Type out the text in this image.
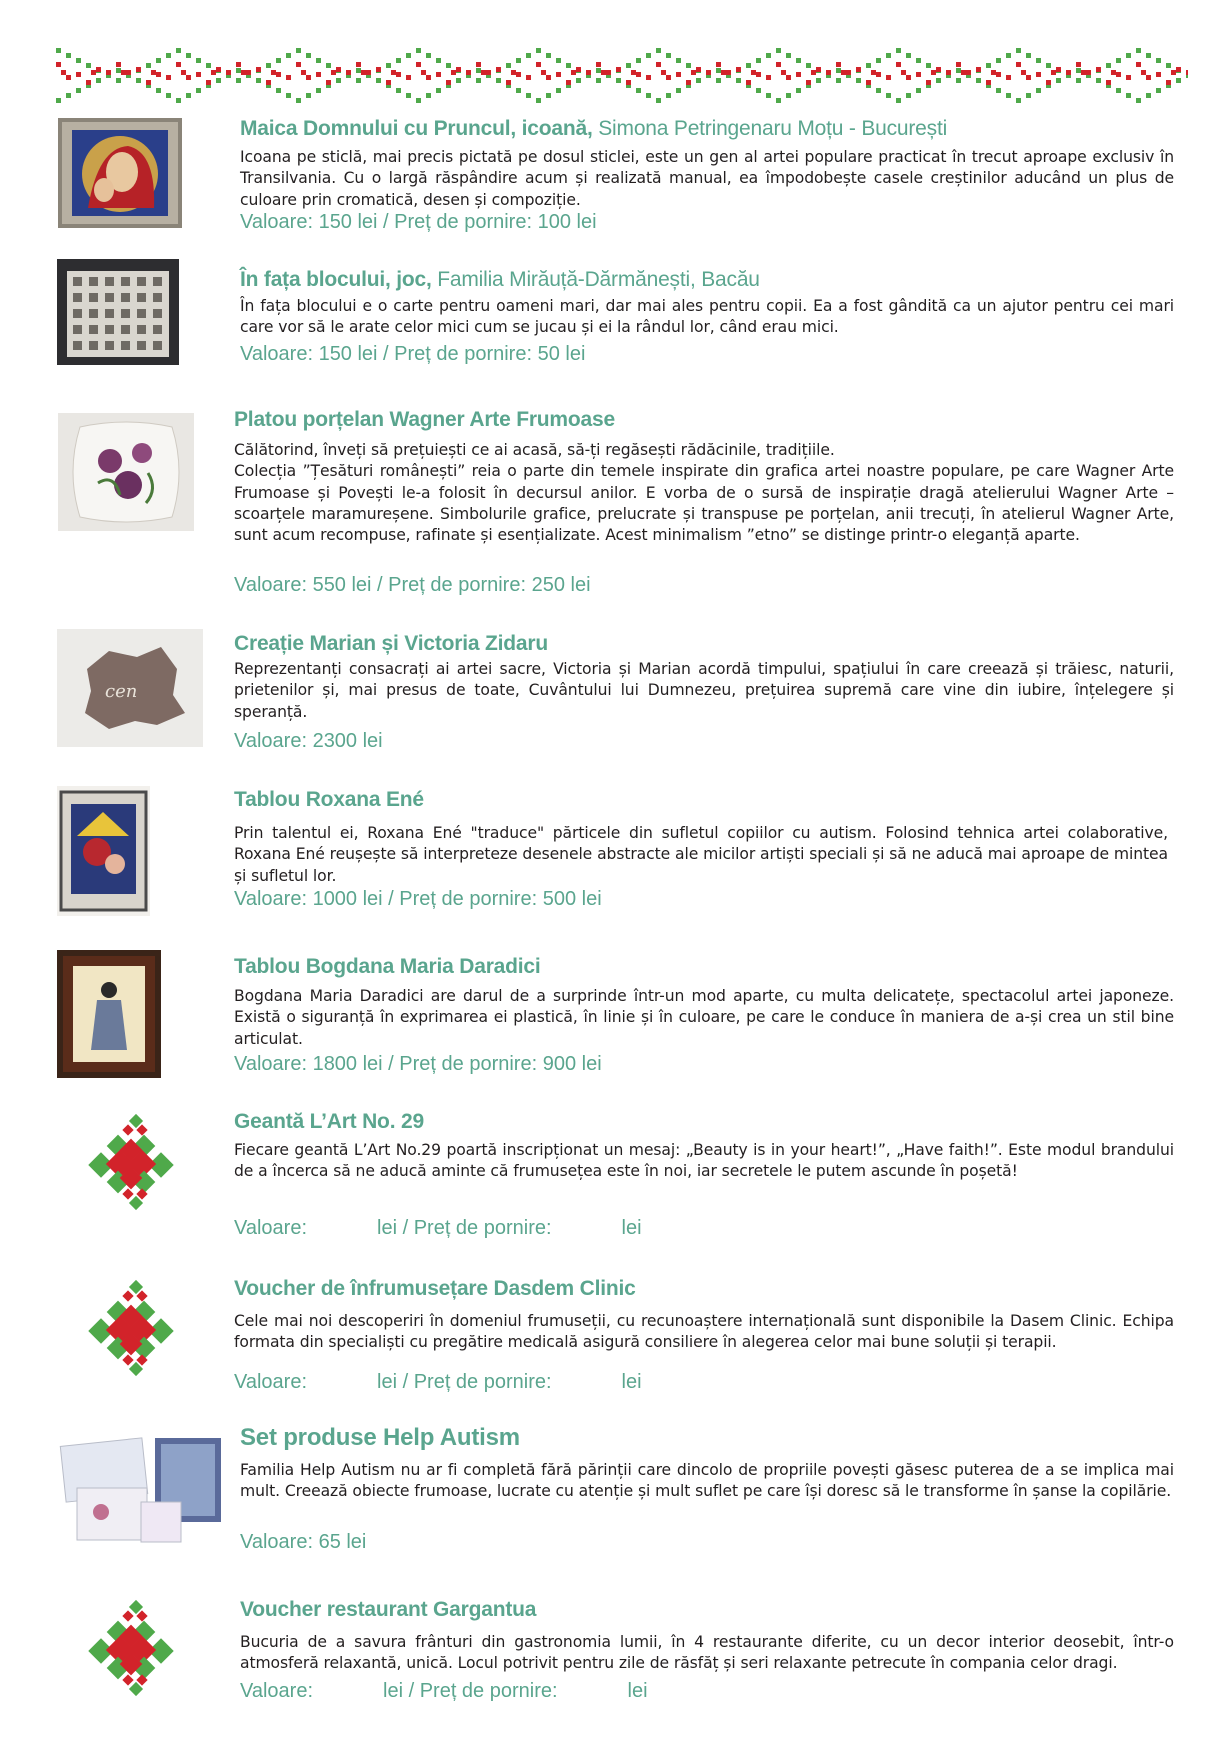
Maica Domnului cu Pruncul, icoană, Simona Petringenaru Moțu - București
Icoana pe sticlă, mai precis pictată pe dosul sticlei, este un gen al artei populare practicat în trecut aproape exclusiv în Transilvania. Cu o largă răspândire acum și realizată manual, ea împodobește casele creștinilor aducând un plus de culoare prin cromatică, desen și compoziție.
Valoare: 150 lei / Preț de pornire: 100 lei
În fața blocului, joc, Familia Mirăuță-Dărmănești, Bacău
În fața blocului e o carte pentru oameni mari, dar mai ales pentru copii. Ea a fost gândită ca un ajutor pentru cei mari care vor să le arate celor mici cum se jucau și ei la rândul lor, când erau mici.
Valoare: 150 lei / Preț de pornire: 50 lei
Platou porțelan Wagner Arte Frumoase
Călătorind, înveți să prețuiești ce ai acasă, să-ți regăsești rădăcinile, tradițiile.
Colecția ”Țesături românești” reia o parte din temele inspirate din grafica artei noastre populare, pe care Wagner Arte Frumoase și Povești le-a folosit în decursul anilor. E vorba de o sursă de inspirație dragă atelierului Wagner Arte – scoarțele maramureșene. Simbolurile grafice, prelucrate și transpuse pe porțelan, anii trecuți, în atelierul Wagner Arte, sunt acum recompuse, rafinate și esențializate. Acest minimalism ”etno” se distinge printr-o eleganță aparte.
Valoare: 550 lei / Preț de pornire: 250 lei
cen
Creație Marian și Victoria Zidaru
Reprezentanți consacrați ai artei sacre, Victoria și Marian acordă timpului, spațiului în care creează și trăiesc, naturii, prietenilor și, mai presus de toate, Cuvântului lui Dumnezeu, prețuirea supremă care vine din iubire, înțelegere și speranță.
Valoare: 2300 lei
Tablou Roxana Ené
Prin talentul ei, Roxana Ené "traduce" părticele din sufletul copiilor cu autism. Folosind tehnica artei colaborative, Roxana Ené reușește să interpreteze desenele abstracte ale micilor artiști speciali și să ne aducă mai aproape de mintea și sufletul lor.
Valoare: 1000 lei / Preț de pornire: 500 lei
Tablou Bogdana Maria Daradici
Bogdana Maria Daradici are darul de a surprinde într-un mod aparte, cu multa delicatețe, spectacolul artei japoneze. Există o siguranță în exprimarea ei plastică, în linie și în culoare, pe care le conduce în maniera de a-și crea un stil bine articulat.
Valoare: 1800 lei / Preț de pornire: 900 lei
Geantă L’Art No. 29
Fiecare geantă L’Art No.29 poartă inscripționat un mesaj: „Beauty is in your heart!”, „Have faith!”. Este modul brandului de a încerca să ne aducă aminte că frumusețea este în noi, iar secretele le putem ascunde în poșetă!
Valoare:	lei / Preț de pornire:	lei
Voucher de înfrumusețare Dasdem Clinic
Cele mai noi descoperiri în domeniul frumuseții, cu recunoaștere internațională sunt disponibile la Dasem Clinic. Echipa formata din specialiști cu pregătire medicală asigură consiliere în alegerea celor mai bune soluții și terapii.
Valoare:	lei / Preț de pornire:	lei
Set produse Help Autism
Familia Help Autism nu ar fi completă fără părinții care dincolo de propriile povești găsesc puterea de a se implica mai mult. Creează obiecte frumoase, lucrate cu atenție și mult suflet pe care își doresc să le transforme în șanse la copilărie.
Valoare: 65 lei
Voucher restaurant Gargantua
Bucuria de a savura frânturi din gastronomia lumii, în 4 restaurante diferite, cu un decor interior deosebit, într-o atmosferă relaxantă, unică. Locul potrivit pentru zile de răsfăț și seri relaxante petrecute în compania celor dragi.
Valoare:	lei / Preț de pornire:	lei
